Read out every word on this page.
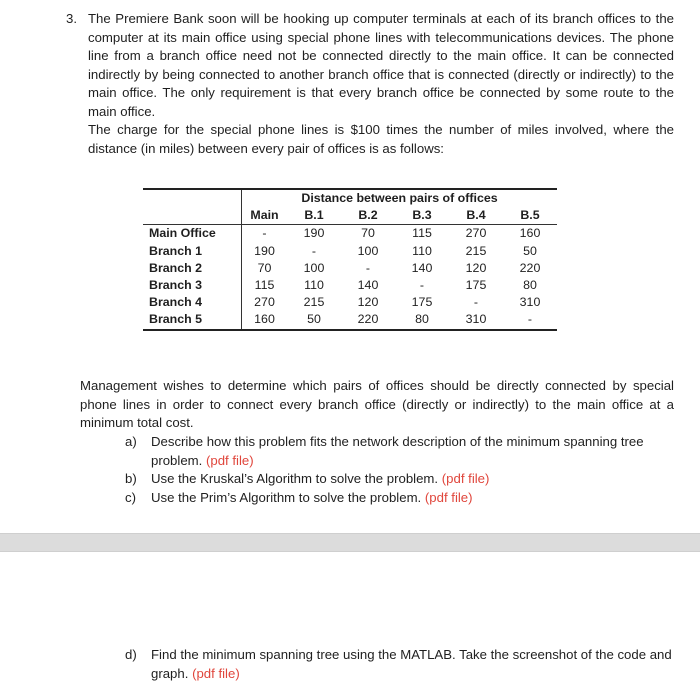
3. The Premiere Bank soon will be hooking up computer terminals at each of its branch offices to the computer at its main office using special phone lines with telecommunications devices. The phone line from a branch office need not be connected directly to the main office. It can be connected indirectly by being connected to another branch office that is connected (directly or indirectly) to the main office. The only requirement is that every branch office be connected by some route to the main office.

The charge for the special phone lines is $100 times the number of miles involved, where the distance (in miles) between every pair of offices is as follows:

	Distance between pairs of offices					
	Main	B.1	B.2	B.3	B.4	B.5
Main Office	-	190	70	115	270	160
Branch 1	190	-	100	110	215	50
Branch 2	70	100	-	140	120	220
Branch 3	115	110	140	-	175	80
Branch 4	270	215	120	175	-	310
Branch 5	160	50	220	80	310	-

Management wishes to determine which pairs of offices should be directly connected by special phone lines in order to connect every branch office (directly or indirectly) to the main office at a minimum total cost.

a)	Describe how this problem fits the network description of the minimum spanning tree problem. (pdf file)
b)	Use the Kruskal’s Algorithm to solve the problem. (pdf file)
c)	Use the Prim’s Algorithm to solve the problem. (pdf file)
d)	Find the minimum spanning tree using the MATLAB. Take the screenshot of the code and graph. (pdf file)
